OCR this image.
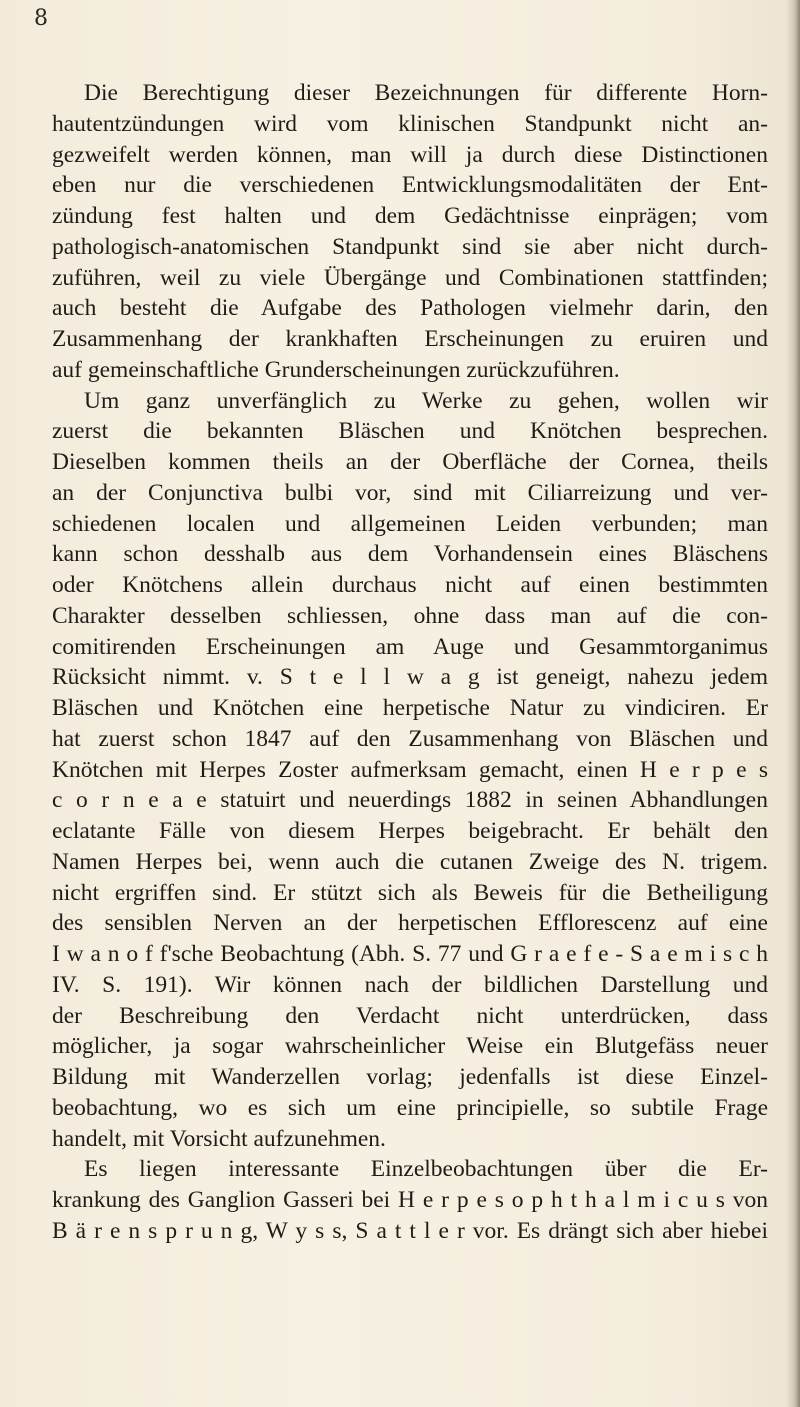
8
Die Berechtigung dieser Bezeichnungen für differente Horn-
hautentzündungen wird vom klinischen Standpunkt nicht an-
gezweifelt werden können, man will ja durch diese Distinctionen
eben nur die verschiedenen Entwicklungsmodalitäten der Ent-
zündung fest halten und dem Gedächtnisse einprägen; vom
pathologisch-anatomischen Standpunkt sind sie aber nicht durch-
zuführen, weil zu viele Übergänge und Combinationen stattfinden;
auch besteht die Aufgabe des Pathologen vielmehr darin, den
Zusammenhang der krankhaften Erscheinungen zu eruiren und
auf gemeinschaftliche Grunderscheinungen zurückzuführen.
Um ganz unverfänglich zu Werke zu gehen, wollen wir
zuerst die bekannten Bläschen und Knötchen besprechen.
Dieselben kommen theils an der Oberfläche der Cornea, theils
an der Conjunctiva bulbi vor, sind mit Ciliarreizung und ver-
schiedenen localen und allgemeinen Leiden verbunden; man
kann schon desshalb aus dem Vorhandensein eines Bläschens
oder Knötchens allein durchaus nicht auf einen bestimmten
Charakter desselben schliessen, ohne dass man auf die con-
comitirenden Erscheinungen am Auge und Gesammtorganimus
Rücksicht nimmt. v. S t e l l w a g ist geneigt, nahezu jedem
Bläschen und Knötchen eine herpetische Natur zu vindiciren. Er
hat zuerst schon 1847 auf den Zusammenhang von Bläschen und
Knötchen mit Herpes Zoster aufmerksam gemacht, einen H e r p e s
c o r n e a e statuirt und neuerdings 1882 in seinen Abhandlungen
eclatante Fälle von diesem Herpes beigebracht. Er behält den
Namen Herpes bei, wenn auch die cutanen Zweige des N. trigem.
nicht ergriffen sind. Er stützt sich als Beweis für die Betheiligung
des sensiblen Nerven an der herpetischen Efflorescenz auf eine
I w a n o f f'sche Beobachtung (Abh. S. 77 und G r a e f e - S a e m i s c h
IV. S. 191). Wir können nach der bildlichen Darstellung und
der Beschreibung den Verdacht nicht unterdrücken, dass
möglicher, ja sogar wahrscheinlicher Weise ein Blutgefäss neuer
Bildung mit Wanderzellen vorlag; jedenfalls ist diese Einzel-
beobachtung, wo es sich um eine principielle, so subtile Frage
handelt, mit Vorsicht aufzunehmen.
Es liegen interessante Einzelbeobachtungen über die Er-
krankung des Ganglion Gasseri bei H e r p e s o p h t h a l m i c u s von
B ä r e n s p r u n g, W y s s, S a t t l e r vor. Es drängt sich aber hiebei
